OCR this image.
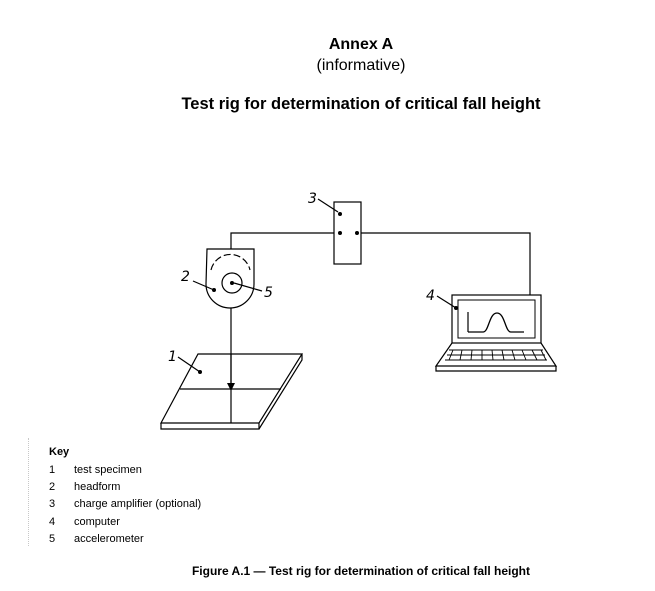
Annex A
(informative)
Test rig for determination of critical fall height
1
2
3
4
5
Key
1 test specimen
2 headform
3 charge amplifier (optional)
4 computer
5 accelerometer
Figure A.1 — Test rig for determination of critical fall height
